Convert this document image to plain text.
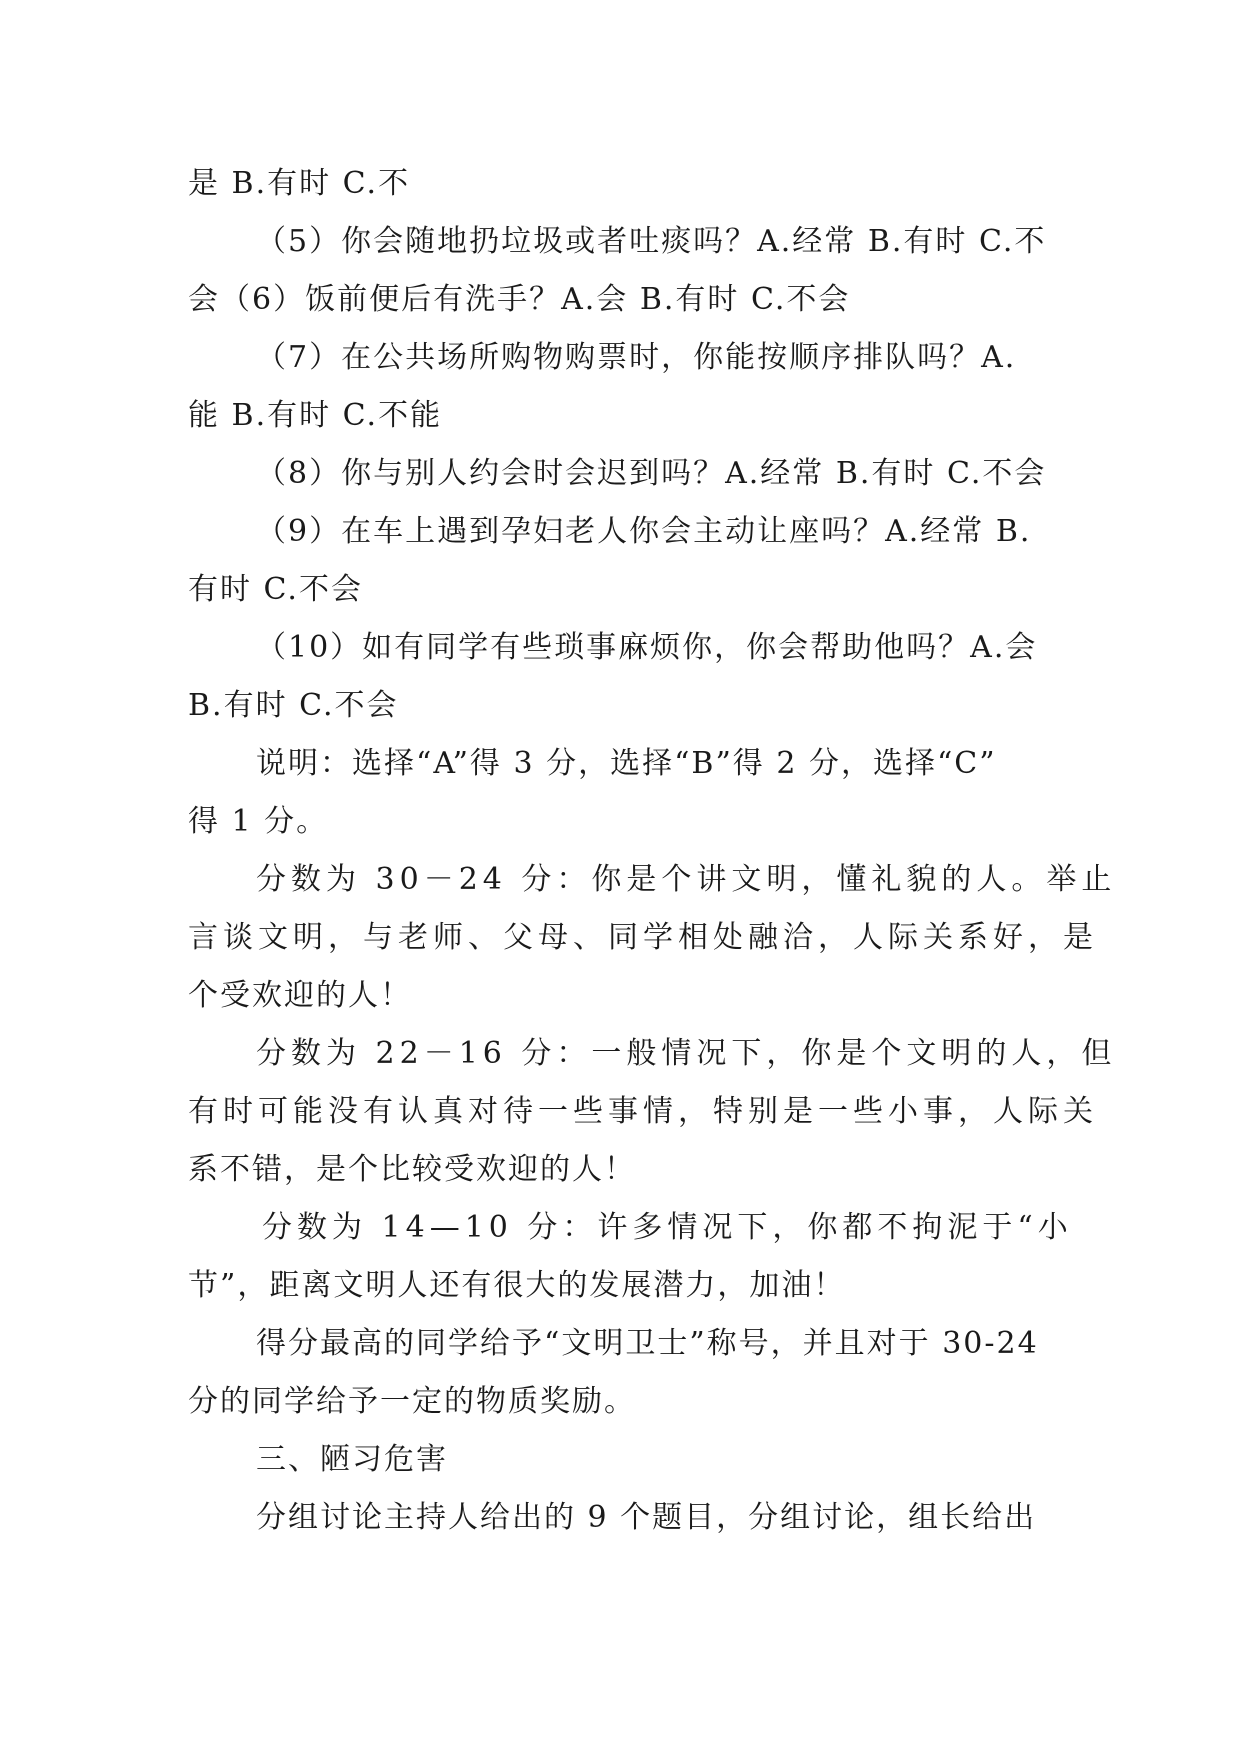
是 B.有时 C.不

（5）你会随地扔垃圾或者吐痰吗？A.经常 B.有时 C.不

会（6）饭前便后有洗手？A.会 B.有时 C.不会

（7）在公共场所购物购票时，你能按顺序排队吗？A.

能 B.有时 C.不能

（8）你与别人约会时会迟到吗？A.经常 B.有时 C.不会

（9）在车上遇到孕妇老人你会主动让座吗？A.经常 B.

有时 C.不会

（10）如有同学有些琐事麻烦你，你会帮助他吗？A.会

B.有时 C.不会

说明：选择“A”得 3 分，选择“B”得 2 分，选择“C”

得 1 分。

分数为 30－24 分：你是个讲文明，懂礼貌的人。举止

言谈文明，与老师、父母、同学相处融洽，人际关系好，是

个受欢迎的人！

分数为 22－16 分：一般情况下，你是个文明的人，但

有时可能没有认真对待一些事情，特别是一些小事，人际关

系不错，是个比较受欢迎的人！

分数为 14—10 分：许多情况下，你都不拘泥于“小

节”，距离文明人还有很大的发展潜力，加油！

得分最高的同学给予“文明卫士”称号，并且对于 30-24

分的同学给予一定的物质奖励。

三、陋习危害

分组讨论主持人给出的 9 个题目，分组讨论，组长给出
